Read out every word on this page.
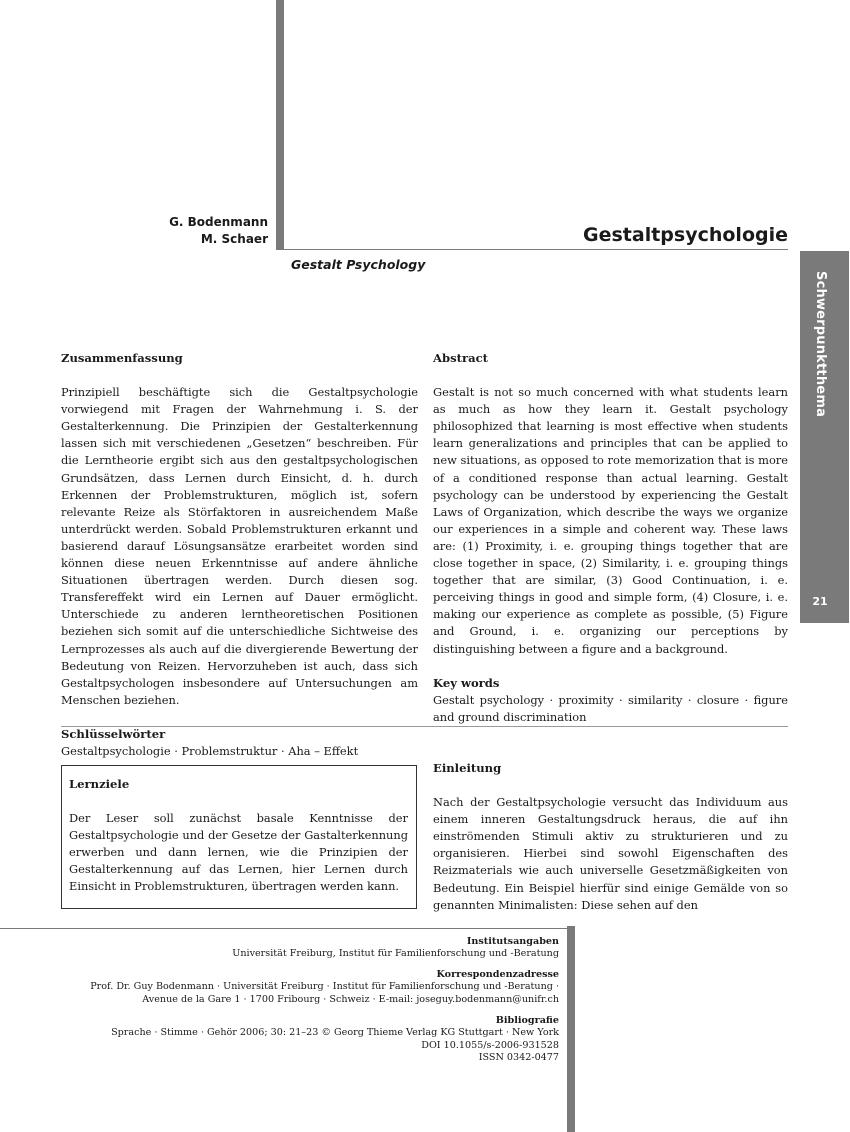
G. Bodenmann
M. Schaer	Gestaltpsychologie
Gestalt Psychology
Schwerpunktthema
21
Zusammenfassung

Prinzipiell beschäftigte sich die Gestaltpsychologie vorwiegend mit Fragen der Wahrnehmung i. S. der Gestalterkennung. Die Prinzipien der Gestalterkennung lassen sich mit verschiedenen „Gesetzen“ beschreiben. Für die Lerntheorie ergibt sich aus den gestaltpsychologischen Grundsätzen, dass Lernen durch Einsicht, d. h. durch Erkennen der Problemstrukturen, möglich ist, sofern relevante Reize als Störfaktoren in ausreichendem Maße unterdrückt werden. Sobald Problemstrukturen erkannt und basierend darauf Lösungsansätze erarbeitet worden sind können diese neuen Erkenntnisse auf andere ähnliche Situationen übertragen werden. Durch diesen sog. Transfereffekt wird ein Lernen auf Dauer ermöglicht. Unterschiede zu anderen lerntheoretischen Positionen beziehen sich somit auf die unterschiedliche Sichtweise des Lernprozesses als auch auf die divergierende Bewertung der Bedeutung von Reizen. Hervorzuheben ist auch, dass sich Gestaltpsychologen insbesondere auf Untersuchungen am Menschen beziehen.

Schlüsselwörter

Gestaltpsychologie · Problemstruktur · Aha – Effekt

Abstract

Gestalt is not so much concerned with what students learn as much as how they learn it. Gestalt psychology philosophized that learning is most effective when students learn generalizations and principles that can be applied to new situations, as opposed to rote memorization that is more of a conditioned response than actual learning. Gestalt psychology can be understood by experiencing the Gestalt Laws of Organization, which describe the ways we organize our experiences in a simple and coherent way. These laws are: (1) Proximity, i. e. grouping things together that are close together in space, (2) Similarity, i. e. grouping things together that are similar, (3) Good Continuation, i. e. perceiving things in good and simple form, (4) Closure, i. e. making our experience as complete as possible, (5) Figure and Ground, i. e. organizing our perceptions by distinguishing between a figure and a background.

Key words

Gestalt psychology · proximity · similarity · closure · figure and ground discrimination

Lernziele

Der Leser soll zunächst basale Kenntnisse der Gestaltpsychologie und der Gesetze der Gastalterkennung erwerben und dann lernen, wie die Prinzipien der Gestalterkennung auf das Lernen, hier Lernen durch Einsicht in Problemstrukturen, übertragen werden kann.

Einleitung

Nach der Gestaltpsychologie versucht das Individuum aus einem inneren Gestaltungsdruck heraus, die auf ihn einströmenden Stimuli aktiv zu strukturieren und zu organisieren. Hierbei sind sowohl Eigenschaften des Reizmaterials wie auch universelle Gesetzmäßigkeiten von Bedeutung. Ein Beispiel hierfür sind einige Gemälde von so genannten Minimalisten: Diese sehen auf den

Institutsangaben
Universität Freiburg, Institut für Familienforschung und -Beratung
Korrespondenzadresse
Prof. Dr. Guy Bodenmann · Universität Freiburg · Institut für Familienforschung und -Beratung ·
Avenue de la Gare 1 · 1700 Fribourg · Schweiz · E-mail: joseguy.bodenmann@unifr.ch
Bibliografie
Sprache · Stimme · Gehör 2006; 30: 21–23 © Georg Thieme Verlag KG Stuttgart · New York
DOI 10.1055/s-2006-931528
ISSN 0342-0477
